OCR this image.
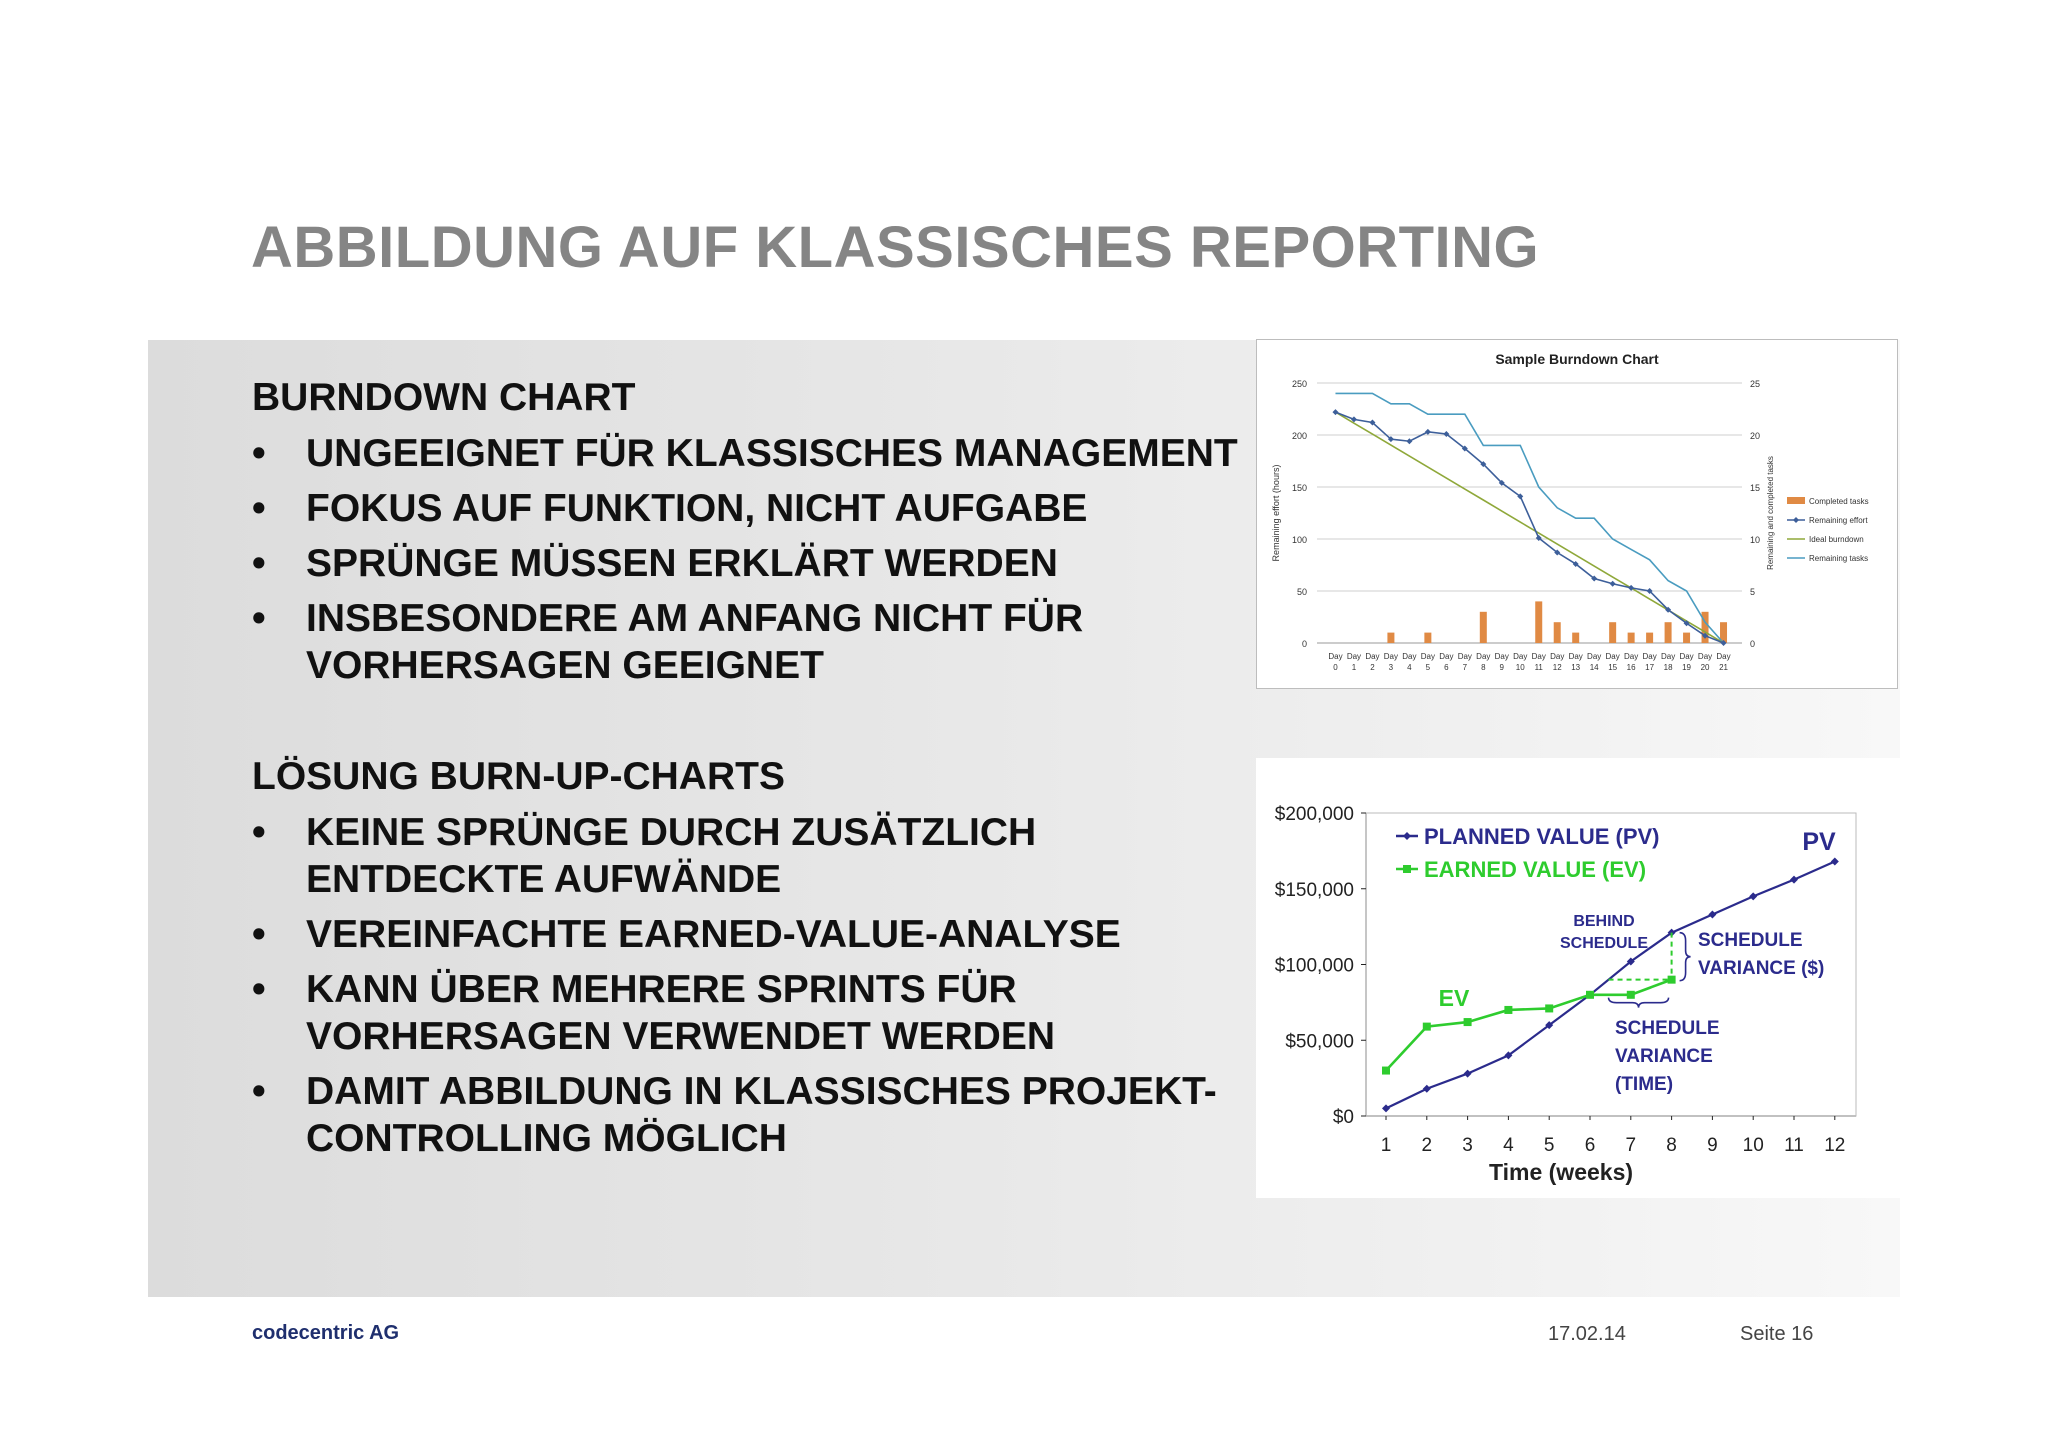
ABBILDUNG AUF KLASSISCHES REPORTING
BURNDOWN CHART
• UNGEEIGNET FÜR KLASSISCHES MANAGEMENT
• FOKUS AUF FUNKTION, NICHT AUFGABE
• SPRÜNGE MÜSSEN ERKLÄRT WERDEN
• INSBESONDERE AM ANFANG NICHT FÜR VORHERSAGEN GEEIGNET
LÖSUNG BURN-UP-CHARTS
• KEINE SPRÜNGE DURCH ZUSÄTZLICH ENTDECKTE AUFWÄNDE
• VEREINFACHTE EARNED-VALUE-ANALYSE
• KANN ÜBER MEHRERE SPRINTS FÜR VORHERSAGEN VERWENDET WERDEN
• DAMIT ABBILDUNG IN KLASSISCHES PROJEKT-CONTROLLING MÖGLICH
Sample Burndown Chart
0
50
100
150
200
250
0
5
10
15
20
25
Remaining effort (hours)	Remaining and completed tasks
Day
0
Day
1
Day
2
Day
3
Day
4
Day
5
Day
6
Day
7
Day
8
Day
9
Day
10
Day
11
Day
12
Day
13
Day
14
Day
15
Day
16
Day
17
Day
18
Day
19
Day
20
Day
21
Completed tasks
Remaining effort
Ideal burndown
Remaining tasks
$0
$50,000
$100,000
$150,000
$200,000
1 2 3 4 5 6 7 8 9 10 11 12
Time (weeks)
PLANNED VALUE (PV)
EARNED VALUE (EV)
PV
EV
BEHIND
SCHEDULE	SCHEDULE
VARIANCE ($)
SCHEDULE
VARIANCE
(TIME)
codecentric AG	17.02.14	Seite 16
